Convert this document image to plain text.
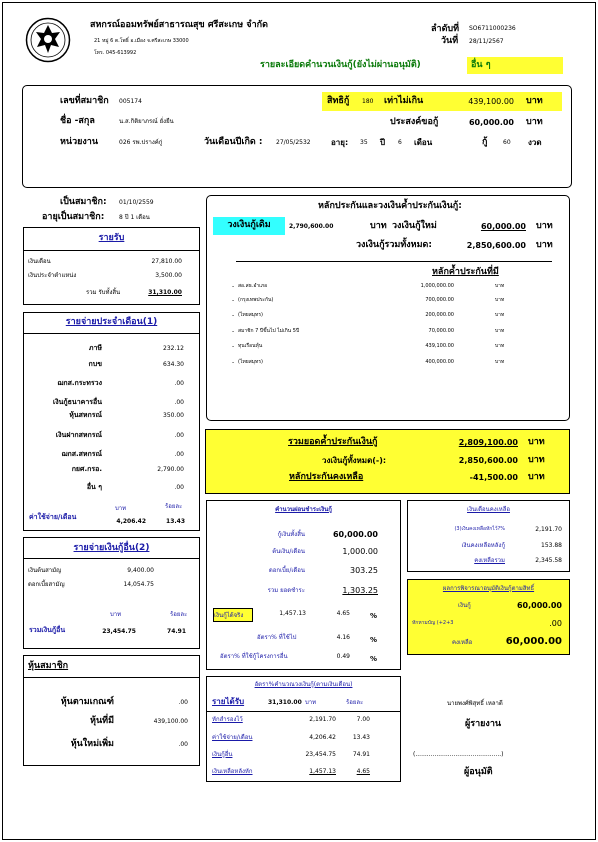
สหกรณ์ออมทรัพย์สาธารณสุข ศรีสะเกษ จำกัด
21 หมู่ 6 ต.โพธิ์ อ.เมือง จ.ศรีสะเกษ 33000
โทร. 045-613992
ลำดับที่ SO6711000236
วันที่ 28/11/2567
รายละเอียดคำนวนเงินกู้(ยังไม่ผ่านอนุมัติ)	อื่น ๆ
เลขที่สมาชิก 005174
ชื่อ -สกุล	น.ส.กิติยาภรณ์ ยั่งยืน
หน่วยงาน	026 รพ.ปรางค์กู่	วันเดือนปีเกิด : 27/05/2532	อายุ: 35 ปี 6 เดือน	กู้	60 งวด
สิทธิกู้ 180 เท่าไม่เกิน	439,100.00 บาท
ประสงค์ขอกู้	60,000.00 บาท
เป็นสมาชิก: 01/10/2559
อายุเป็นสมาชิก: 8 ปี 1 เดือน
รายรับ
เงินเดือน	27,810.00
เงินประจำตำแหน่ง	3,500.00
รวม รับทั้งสิ้น	31,310.00
รายจ่ายประจำเดือน(1)
ภาษี	232.12
กบข	634.30
ฌกส.กระทรวง	.00
เงินกู้ธนาคารอื่น	.00
หุ้นสหกรณ์	350.00
เงินฝากสหกรณ์	.00
ฌกส.สหกรณ์	.00
กยศ.กรอ.	2,790.00
อื่น ๆ	.00
บาท	ร้อยละ
ค่าใช้จ่าย/เดือน
4,206.42	13.43
รายจ่ายเงินกู้อื่น(2)
เงินต้นสามัญ	9,400.00
ดอกเบี้ยสามัญ	14,054.75
บาท	ร้อยละ
รวมเงินกู้อื่น	23,454.75	74.91
หุ้นสมาชิก
หุ้นตามเกณฑ์	.00
หุ้นที่มี	439,100.00
หุ้นใหม่เพิ่ม	.00
หลักประกันและวงเงินค้ำประกันเงินกู้:
วงเงินกู้เดิม	2,790,600.00	บาท วงเงินกู้ใหม่	60,000.00 บาท
วงเงินกู้รวมทั้งหมด:	2,850,600.00 บาท
หลักค้ำประกันที่มี
- สอ.สธ.อำเภอ	1,000,000.00	บาท
- (กรุงเทพประกัน)	700,000.00	บาท
- (ไทยสมุทร)	200,000.00	บาท
- สมาชิก 7 ปีขึ้นไป ไม่เกิน 5ปี	70,000.00	บาท
- ทุนเรือนหุ้น	439,100.00	บาท
- (ไทยสมุทร)	400,000.00	บาท
รวมยอดค้ำประกันเงินกู้	2,809,100.00 บาท
วงเงินกู้ทั้งหมด(-):	2,850,600.00 บาท
หลักประกันคงเหลือ	-41,500.00 บาท
คำนวนผ่อนชำระเงินกู้
กู้เงินทั้งสิ้น	60,000.00
ต้นเงิน/เดือน	1,000.00
ดอกเบี้ย/เดือน	303.25
รวม ยอดชำระ	1,303.25
เงินกู้ได้จริง	1,457.13	4.65	%
อัตรา% ที่ใช้ไป	4.16	%
อัตรา% ที่ใช้กู้โครงการอื่น	0.49	%
เงินเดือนคงเหลือ
(3)เงินคงเหลือหักไว้?%	2,191.70
เงินคงเหลือหลังกู้	153.88
คงเหลือรวม	2,345.58
ผลการพิจารณาอนุมัติเงินกู้ตามสิทธิ์
เงินกู้	60,000.00
หักหามบัญ (+2+3	.00
คงเหลือ	60,000.00
อัตรา%คำนวณวงเงินกู้(ตามเงินเดือน)
รายได้รับ	31,310.00 บาท	ร้อยละ
หักสำรองไว้	2,191.70	7.00
ค่าใช้จ่าย/เดือน	4,206.42	13.43
เงินกู้อื่น	23,454.75	74.91
เงินเหลือหลังหัก	1,457.13	4.65
นายพงศ์พิสุทธิ์ เหลาดี
ผู้รายงาน
(.............................................)
ผู้อนุมัติ
